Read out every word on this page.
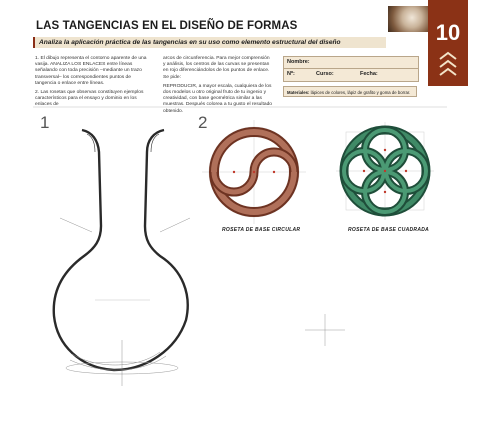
LAS TANGENCIAS EN EL DISEÑO DE FORMAS
Analiza la aplicación práctica de las tangencias en su uso como elemento estructural del diseño	10
Nombre:
Nº:	Curso:	Fecha:
Materiales: lápices de colores, lápiz de grafito y goma de borrar.

1. El dibujo representa el contorno aparente de una vasija. ANALIZA LOS ENLACES entre líneas señalando con toda precisión –mediante un trazo transversal– los correspondientes puntos de tangencia o enlace entre líneas.

2. Las rosetas que observas constituyen ejemplos característicos para el ensayo y dominio en los enlaces de

arcos de circunferencia. Para mejor comprensión y análisis, los centros de las curvas se presentan en rojo diferenciándolos de los puntos de enlace. Se pide:

REPRODUCIR, a mayor escala, cualquiera de los dos modelos u otro original fruto de tu ingenio y creatividad, con base geométrica similar a las muestras. Después colorea a tu gusto el resultado obtenido.

1	2
ROSETA DE BASE CIRCULAR	ROSETA DE BASE CUADRADA
